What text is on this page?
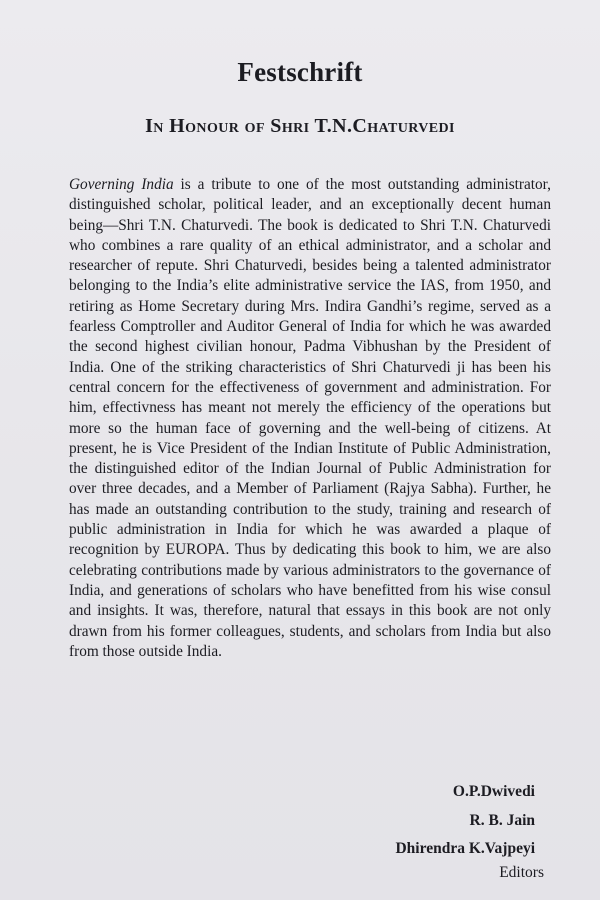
Festschrift
In Honour of Shri T.N.Chaturvedi
Governing India is a tribute to one of the most outstanding administrator, distinguished scholar, political leader, and an exceptionally decent human being—Shri T.N. Chaturvedi. The book is dedicated to Shri T.N. Chaturvedi who combines a rare quality of an ethical administrator, and a scholar and researcher of repute. Shri Chaturvedi, besides being a talented administrator belonging to the India’s elite administrative service the IAS, from 1950, and retiring as Home Secretary during Mrs. Indira Gandhi’s regime, served as a fearless Comptroller and Auditor General of India for which he was awarded the second highest civilian honour, Padma Vibhushan by the President of India. One of the striking characteristics of Shri Chaturvedi ji has been his central concern for the effectiveness of government and administration. For him, effectivness has meant not merely the efficiency of the operations but more so the human face of governing and the well-being of citizens. At present, he is Vice President of the Indian Institute of Public Administration, the distinguished editor of the Indian Journal of Public Administration for over three decades, and a Member of Parliament (Rajya Sabha). Further, he has made an outstanding contribution to the study, training and research of public administration in India for which he was awarded a plaque of recognition by EUROPA. Thus by dedicating this book to him, we are also celebrating contributions made by various administrators to the governance of India, and generations of scholars who have benefitted from his wise consul and insights. It was, therefore, natural that essays in this book are not only drawn from his former colleagues, students, and scholars from India but also from those outside India.
O.P.Dwivedi
R. B. Jain
Dhirendra K.Vajpeyi
Editors
